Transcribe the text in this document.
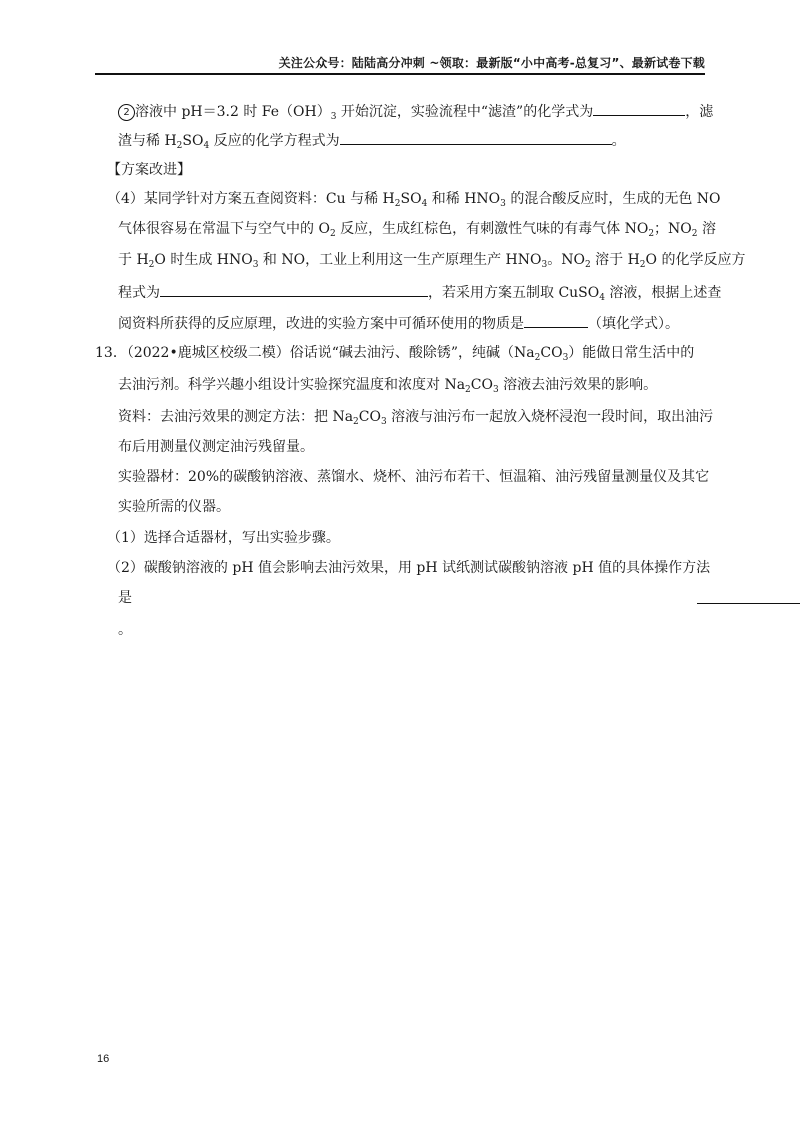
关注公众号：陆陆高分冲刺 ~领取：最新版“小中高考-总复习”、最新试卷下载
2 溶液中 pH＝3.2 时 $Fe(OH)_3$ 开始沉淀，实验流程中“滤渣”的化学式为	，滤
渣与稀 $H_2SO_4$ 反应的化学方程式为	。
【方案改进】
（4）某同学针对方案五查阅资料：Cu 与稀 $H_2SO_4$ 和稀 $HNO_3$ 的混合酸反应时，生成的无色 NO
气体很容易在常温下与空气中的 $O_2$ 反应，生成红棕色，有刺激性气味的有毒气体 $NO_2$；$NO_2$ 溶
于 $H_2O$ 时生成 $HNO_3$ 和 NO，工业上利用这一生产原理生产 $HNO_3$。$NO_2$ 溶于 $H_2O$ 的化学反应方
程式为	，若采用方案五制取 CuSO$_4$ 溶液，根据上述查
阅资料所获得的反应原理，改进的实验方案中可循环使用的物质是	（填化学式）。
13．（2022•鹿城区校级二模）俗话说“碱去油污、酸除锈”，纯碱$(Na_2CO_3)$能做日常生活中的
去油污剂。科学兴趣小组设计实验探究温度和浓度对 $Na_2CO_3$ 溶液去油污效果的影响。
资料：去油污效果的测定方法：把 $Na_2CO_3$ 溶液与油污布一起放入烧杯浸泡一段时间，取出油污
布后用测量仪测定油污残留量。
实验器材：20%的碳酸钠溶液、蒸馏水、烧杯、油污布若干、恒温箱、油污残留量测量仪及其它
实验所需的仪器。
（1）选择合适器材，写出实验步骤。
（2）碳酸钠溶液的 pH 值会影响去油污效果，用 pH 试纸测试碳酸钠溶液 pH 值的具体操作方法
是
。
16
